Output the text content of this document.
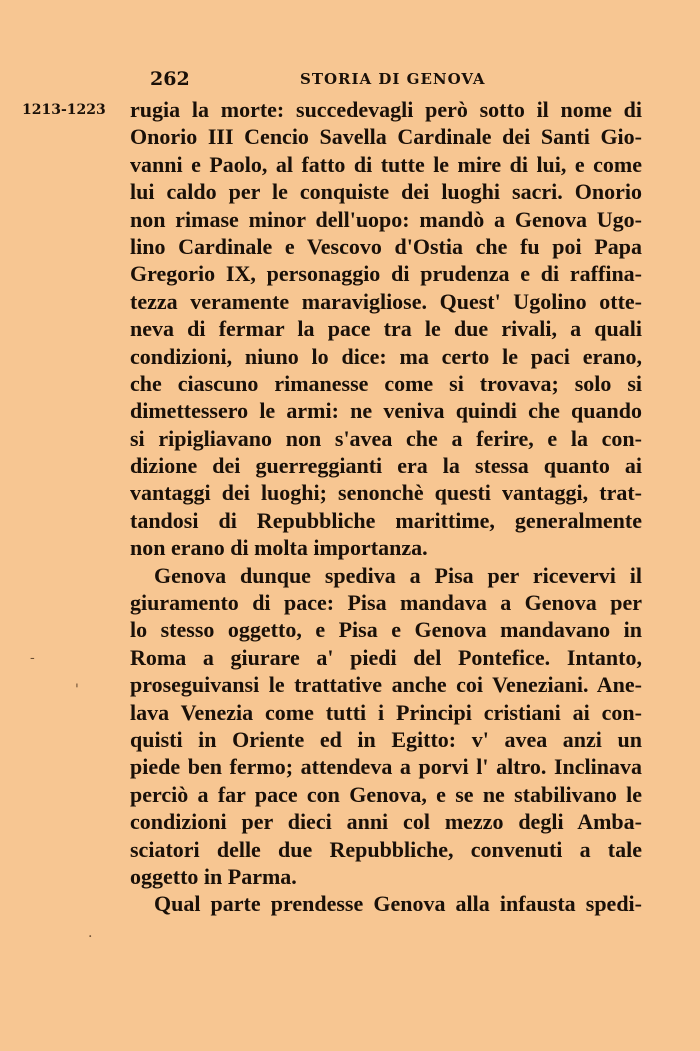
262	STORIA DI GENOVA
1213-1223 rugia la morte: succedevagli però sotto il nome di
Onorio III Cencio Savella Cardinale dei Santi Gio-
vanni e Paolo, al fatto di tutte le mire di lui, e come
lui caldo per le conquiste dei luoghi sacri. Onorio
non rimase minor dell'uopo: mandò a Genova Ugo-
lino Cardinale e Vescovo d'Ostia che fu poi Papa
Gregorio IX, personaggio di prudenza e di raffina-
tezza veramente maravigliose. Quest' Ugolino otte-
neva di fermar la pace tra le due rivali, a quali
condizioni, niuno lo dice: ma certo le paci erano,
che ciascuno rimanesse come si trovava; solo si
dimettessero le armi: ne veniva quindi che quando
si ripigliavano non s'avea che a ferire, e la con-
dizione dei guerreggianti era la stessa quanto ai
vantaggi dei luoghi; senonchè questi vantaggi, trat-
tandosi di Repubbliche marittime, generalmente
non erano di molta importanza.
Genova dunque spediva a Pisa per ricevervi il
giuramento di pace: Pisa mandava a Genova per
lo stesso oggetto, e Pisa e Genova mandavano in
Roma a giurare a' piedi del Pontefice. Intanto,
proseguivansi le trattative anche coi Veneziani. Ane-
lava Venezia come tutti i Principi cristiani ai con-
quisti in Oriente ed in Egitto: v' avea anzi un
piede ben fermo; attendeva a porvi l' altro. Inclinava
perciò a far pace con Genova, e se ne stabilivano le
condizioni per dieci anni col mezzo degli Amba-
sciatori delle due Repubbliche, convenuti a tale
oggetto in Parma.
Qual parte prendesse Genova alla infausta spedi-
-
'
.
